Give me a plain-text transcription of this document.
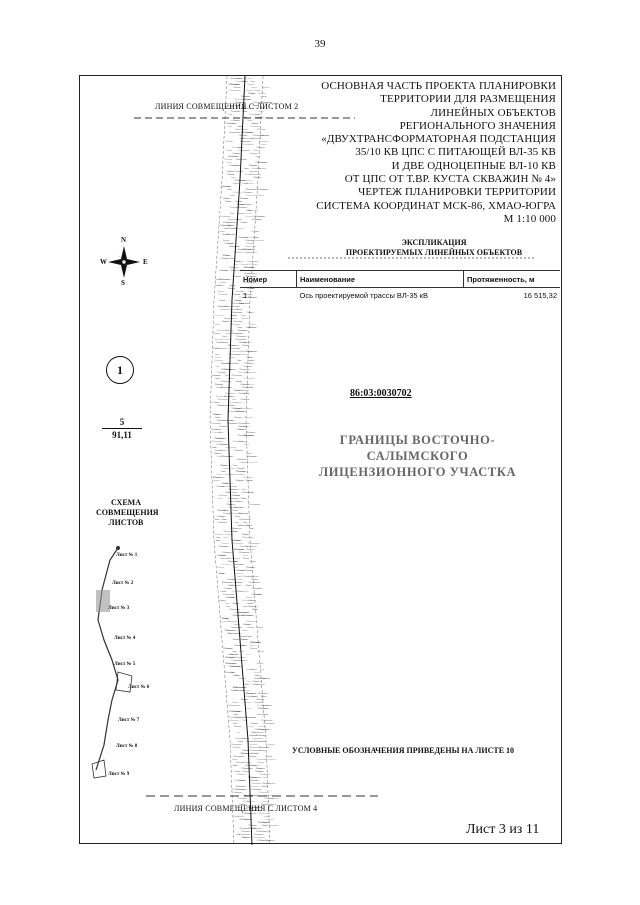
39
ЛИНИЯ СОВМЕЩЕНИЯ С ЛИСТОМ 2
ЛИНИЯ СОВМЕЩЕНИЯ С ЛИСТОМ 4
ОСНОВНАЯ ЧАСТЬ ПРОЕКТА ПЛАНИРОВКИ
ТЕРРИТОРИИ ДЛЯ РАЗМЕЩЕНИЯ
ЛИНЕЙНЫХ ОБЪЕКТОВ
РЕГИОНАЛЬНОГО ЗНАЧЕНИЯ
«ДВУХТРАНСФОРМАТОРНАЯ ПОДСТАНЦИЯ
35/10 КВ ЦПС С ПИТАЮЩЕЙ ВЛ-35 КВ
И ДВЕ ОДНОЦЕПНЫЕ ВЛ-10 КВ
ОТ ЦПС ОТ Т.ВР. КУСТА СКВАЖИН № 4»
ЧЕРТЕЖ ПЛАНИРОВКИ ТЕРРИТОРИИ
СИСТЕМА КООРДИНАТ МСК-86, ХМАО-ЮГРА
М 1:10 000
N
S
W	E
ЭКСПЛИКАЦИЯ
ПРОЕКТИРУЕМЫХ ЛИНЕЙНЫХ ОБЪЕКТОВ
Номер	Наименование	Протяженность, м
1	Ось проектируемой трассы ВЛ-35 кВ	16 515,32
1
$\frac{5}{91,11}$
86:03:0030702
ГРАНИЦЫ ВОСТОЧНО-САЛЫМСКОГО
ЛИЦЕНЗИОННОГО УЧАСТКА
СХЕМА
СОВМЕЩЕНИЯ
ЛИСТОВ
Лист № 1
Лист № 2
Лист № 3
Лист № 4
Лист № 5
Лист № 6
Лист № 7
Лист № 8
Лист № 9
УСЛОВНЫЕ ОБОЗНАЧЕНИЯ ПРИВЕДЕНЫ НА ЛИСТЕ 10
Лист 3 из 11
